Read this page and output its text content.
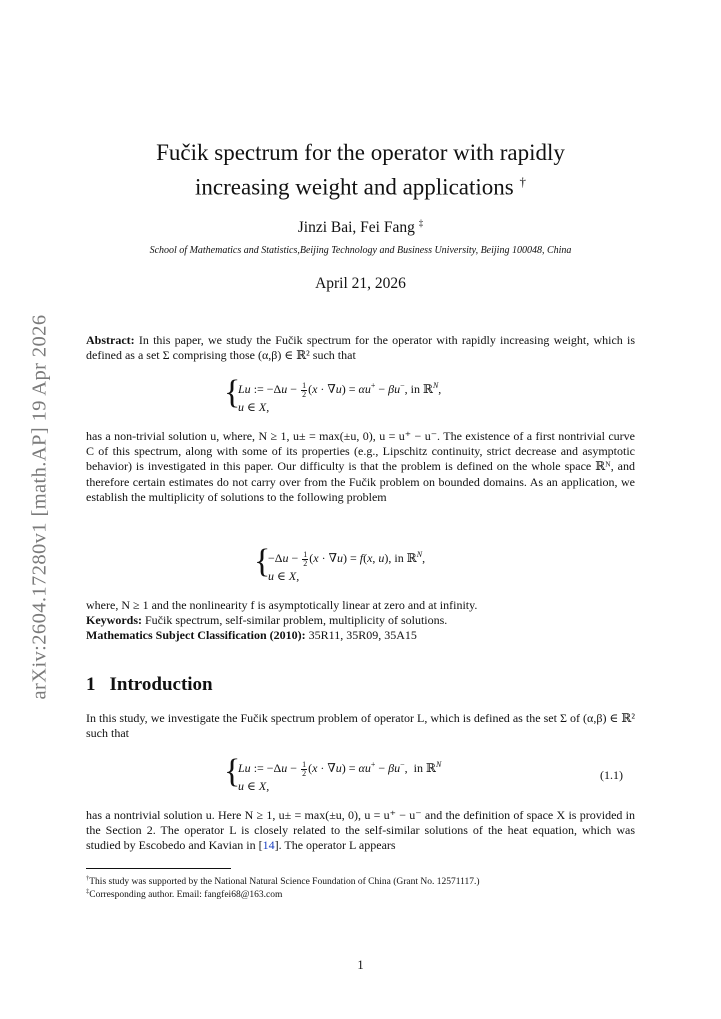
arXiv:2604.17280v1 [math.AP] 19 Apr 2026
Fučik spectrum for the operator with rapidly
increasing weight and applications †
Jinzi Bai, Fei Fang ‡
School of Mathematics and Statistics,Beijing Technology and Business University, Beijing 100048, China
April 21, 2026
Abstract: In this paper, we study the Fučik spectrum for the operator with rapidly increasing weight, which is defined as a set Σ comprising those (α,β) ∈ ℝ² such that
{
Lu := $-\Delta u - \frac{1}{2} (x \cdot \nabla u) = \alpha u^+ - \beta u^-$, in ℝ$^N$,
u ∈ X,
has a non-trivial solution u, where, N ≥ 1, u± = max(±u, 0), u = u⁺ − u⁻. The existence of a first nontrivial curve C of this spectrum, along with some of its properties (e.g., Lipschitz continuity, strict decrease and asymptotic behavior) is investigated in this paper. Our difficulty is that the problem is defined on the whole space ℝᴺ, and therefore certain estimates do not carry over from the Fučik problem on bounded domains. As an application, we establish the multiplicity of solutions to the following problem
{
$-\Delta u - \frac{1}{2} (x \cdot \nabla u) = f(x$, u), in ℝ$^N$,
u ∈ X,
where, N ≥ 1 and the nonlinearity f is asymptotically linear at zero and at infinity.
Keywords: Fučik spectrum, self-similar problem, multiplicity of solutions.
Mathematics Subject Classification (2010): 35R11, 35R09, 35A15
1 Introduction
In this study, we investigate the Fučik spectrum problem of operator L, which is defined as the set Σ of (α,β) ∈ ℝ² such that
{
Lu := $-\Delta u - \frac{1}{2} (x \cdot \nabla u) = \alpha u^+ - \beta u^-$,  in ℝ$^N$
u ∈ X,
(1.1)
has a nontrivial solution u. Here N ≥ 1, u± = max(±u, 0), u = u⁺ − u⁻ and the definition of space X is provided in the Section 2. The operator L is closely related to the self-similar solutions of the heat equation, which was studied by Escobedo and Kavian in [14]. The operator L appears
†This study was supported by the National Natural Science Foundation of China (Grant No. 12571117.)
‡Corresponding author. Email: fangfei68@163.com
1
